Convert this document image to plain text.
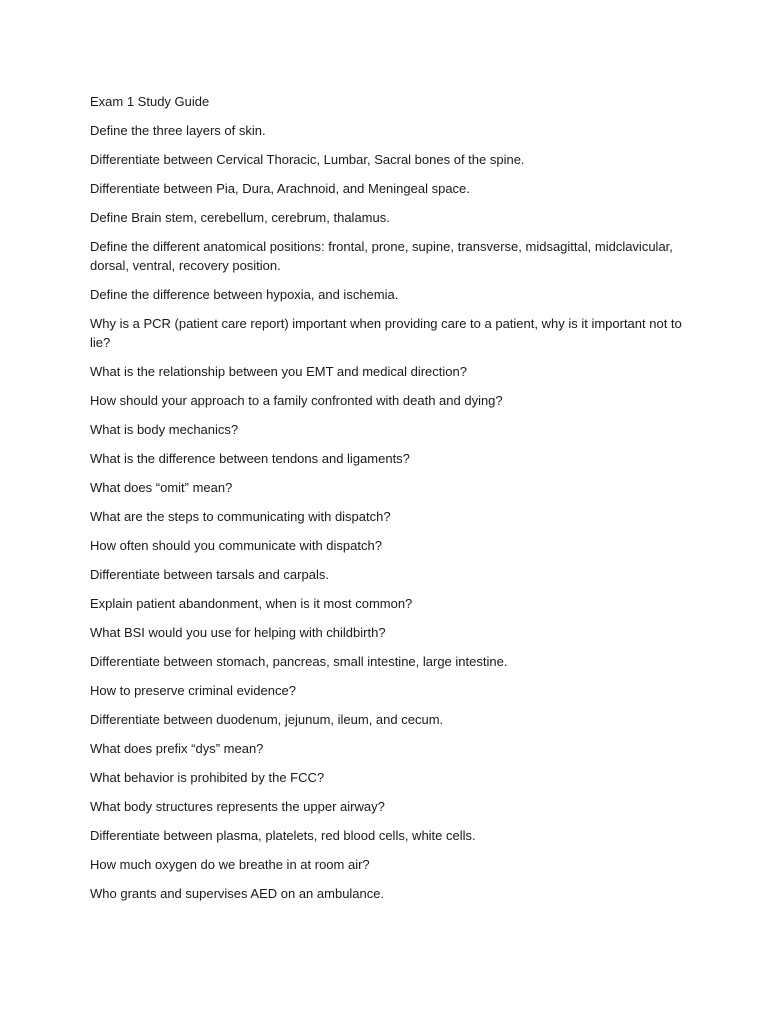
Exam 1 Study Guide
Define the three layers of skin.
Differentiate between Cervical Thoracic, Lumbar, Sacral bones of the spine.
Differentiate between Pia, Dura, Arachnoid, and Meningeal space.
Define Brain stem, cerebellum, cerebrum, thalamus.
Define the different anatomical positions: frontal, prone, supine, transverse, midsagittal, midclavicular, dorsal, ventral, recovery position.
Define the difference between hypoxia, and ischemia.
Why is a PCR (patient care report) important when providing care to a patient, why is it important not to lie?
What is the relationship between you EMT and medical direction?
How should your approach to a family confronted with death and dying?
What is body mechanics?
What is the difference between tendons and ligaments?
What does “omit” mean?
What are the steps to communicating with dispatch?
How often should you communicate with dispatch?
Differentiate between tarsals and carpals.
Explain patient abandonment, when is it most common?
What BSI would you use for helping with childbirth?
Differentiate between stomach, pancreas, small intestine, large intestine.
How to preserve criminal evidence?
Differentiate between duodenum, jejunum, ileum, and cecum.
What does prefix “dys” mean?
What behavior is prohibited by the FCC?
What body structures represents the upper airway?
Differentiate between plasma, platelets, red blood cells, white cells.
How much oxygen do we breathe in at room air?
Who grants and supervises AED on an ambulance.
